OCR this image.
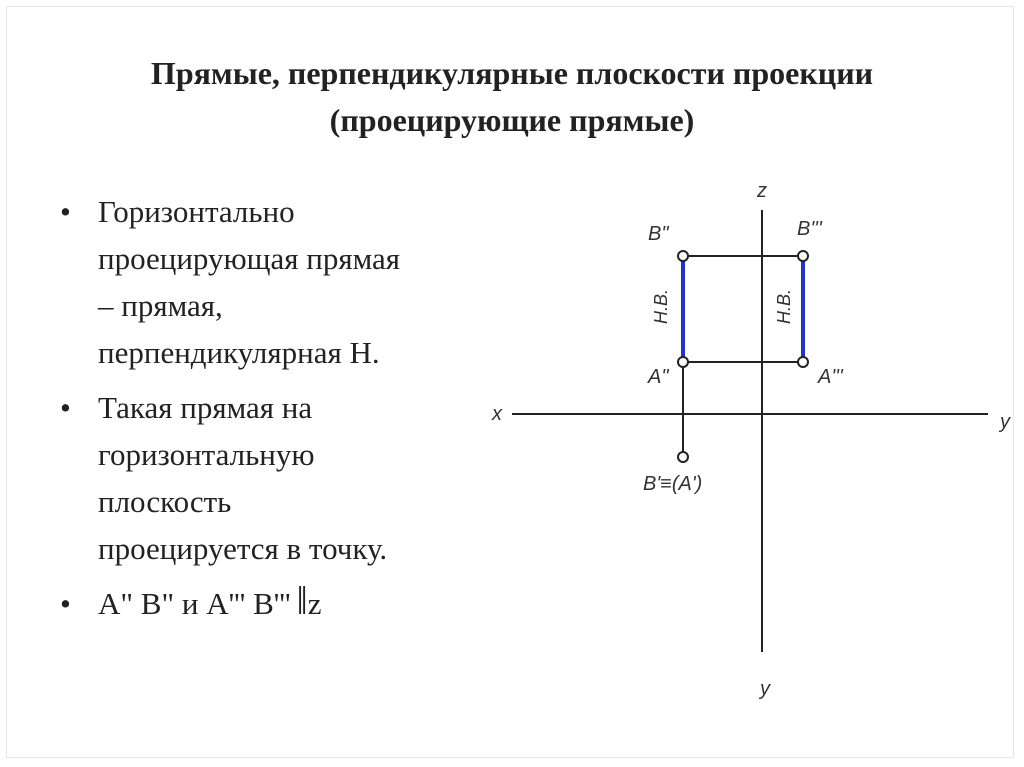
Прямые, перпендикулярные плоскости проекции
(проецирующие прямые)
• Горизонтально
проецирующая прямая
– прямая,
перпендикулярная Н.
• Такая прямая на
горизонтальную
плоскость
проецируется в точку.
• A" B" и A''' B''' ‖z
z
x	y
y
B"	B'''
A"	A'''
B'≡(A')
Н.В.	Н.В.
